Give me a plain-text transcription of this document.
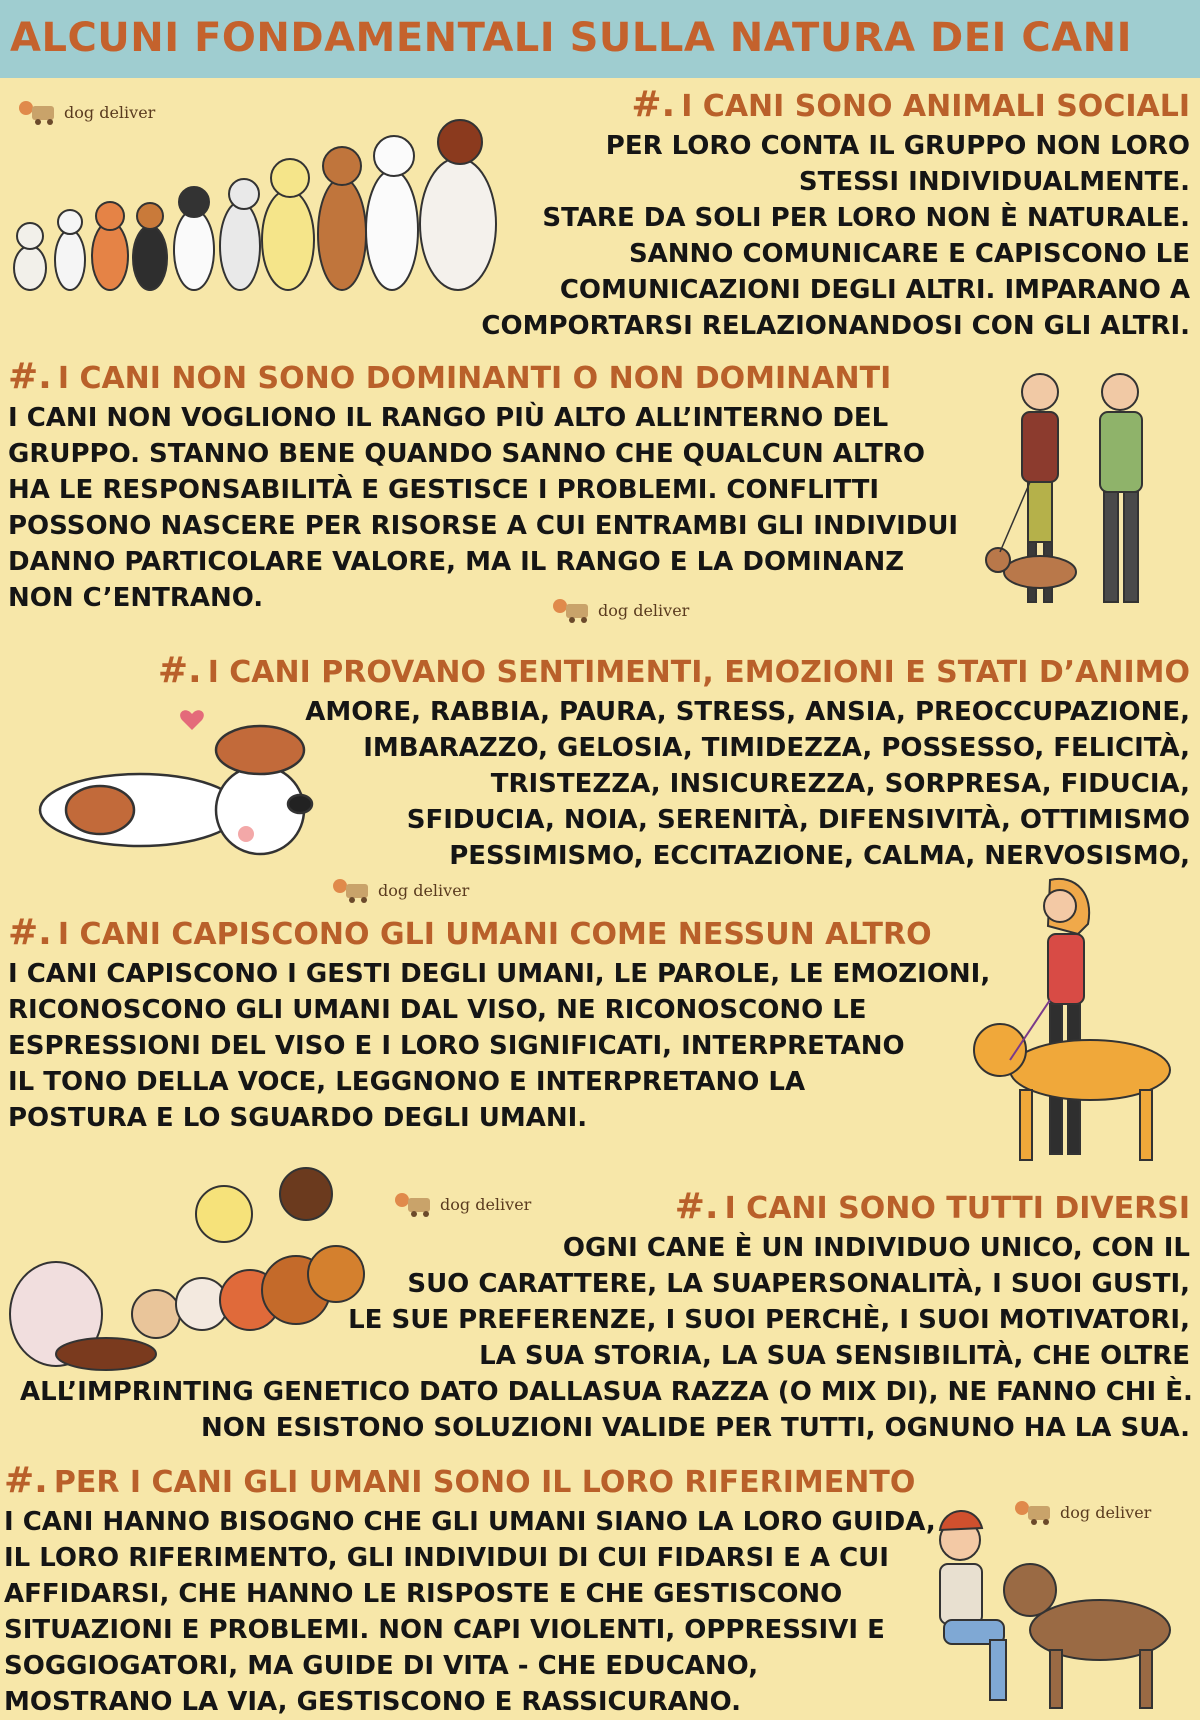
ALCUNI FONDAMENTALI SULLA NATURA DEI CANI
#. I CANI SONO ANIMALI SOCIALI
PER LORO CONTA IL GRUPPO NON LORO
STESSI INDIVIDUALMENTE.
STARE DA SOLI PER LORO NON È NATURALE.
SANNO COMUNICARE E CAPISCONO LE
COMUNICAZIONI DEGLI ALTRI. IMPARANO A
COMPORTARSI RELAZIONANDOSI CON GLI ALTRI.
dog deliver
#. I CANI NON SONO DOMINANTI O NON DOMINANTI
I CANI NON VOGLIONO IL RANGO PIÙ ALTO ALL’INTERNO DEL
GRUPPO. STANNO BENE QUANDO SANNO CHE QUALCUN ALTRO
HA LE RESPONSABILITÀ E GESTISCE I PROBLEMI. CONFLITTI
POSSONO NASCERE PER RISORSE A CUI ENTRAMBI GLI INDIVIDUI
DANNO PARTICOLARE VALORE, MA IL RANGO E LA DOMINANZ
NON C’ENTRANO.	dog deliver
#. I CANI PROVANO SENTIMENTI, EMOZIONI E STATI D’ANIMO
AMORE, RABBIA, PAURA, STRESS, ANSIA, PREOCCUPAZIONE,
IMBARAZZO, GELOSIA, TIMIDEZZA, POSSESSO, FELICITÀ,
TRISTEZZA, INSICUREZZA, SORPRESA, FIDUCIA,
SFIDUCIA, NOIA, SERENITÀ, DIFENSIVITÀ, OTTIMISMO
PESSIMISMO, ECCITAZIONE, CALMA, NERVOSISMO,
dog deliver
#. I CANI CAPISCONO GLI UMANI COME NESSUN ALTRO
I CANI CAPISCONO I GESTI DEGLI UMANI, LE PAROLE, LE EMOZIONI,
RICONOSCONO GLI UMANI DAL VISO, NE RICONOSCONO LE
ESPRESSIONI DEL VISO E I LORO SIGNIFICATI, INTERPRETANO
IL TONO DELLA VOCE, LEGGNONO E INTERPRETANO LA
POSTURA E LO SGUARDO DEGLI UMANI.
dog deliver	#. I CANI SONO TUTTI DIVERSI
OGNI CANE È UN INDIVIDUO UNICO, CON IL
SUO CARATTERE, LA SUAPERSONALITÀ, I SUOI GUSTI,
LE SUE PREFERENZE, I SUOI PERCHÈ, I SUOI MOTIVATORI,
LA SUA STORIA, LA SUA SENSIBILITÀ, CHE OLTRE
ALL’IMPRINTING GENETICO DATO DALLASUA RAZZA (O MIX DI), NE FANNO CHI È.
NON ESISTONO SOLUZIONI VALIDE PER TUTTI, OGNUNO HA LA SUA.
#. PER I CANI GLI UMANI SONO IL LORO RIFERIMENTO
I CANI HANNO BISOGNO CHE GLI UMANI SIANO LA LORO GUIDA,
IL LORO RIFERIMENTO, GLI INDIVIDUI DI CUI FIDARSI E A CUI
AFFIDARSI, CHE HANNO LE RISPOSTE E CHE GESTISCONO
SITUAZIONI E PROBLEMI. NON CAPI VIOLENTI, OPPRESSIVI E
SOGGIOGATORI, MA GUIDE DI VITA - CHE EDUCANO,
MOSTRANO LA VIA, GESTISCONO E RASSICURANO.
dog deliver
